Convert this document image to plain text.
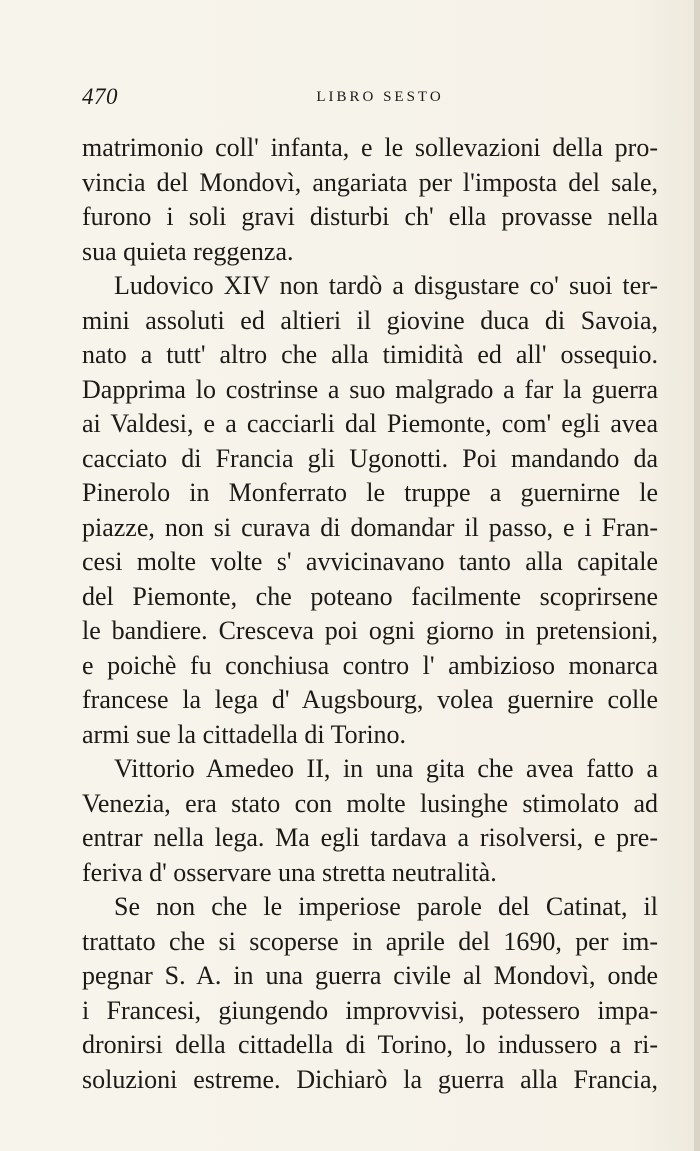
470	LIBRO SESTO
matrimonio coll' infanta, e le sollevazioni della pro-
vincia del Mondovì, angariata per l'imposta del sale,
furono i soli gravi disturbi ch' ella provasse nella
sua quieta reggenza.
Ludovico XIV non tardò a disgustare co' suoi ter-
mini assoluti ed altieri il giovine duca di Savoia,
nato a tutt' altro che alla timidità ed all' ossequio.
Dapprima lo costrinse a suo malgrado a far la guerra
ai Valdesi, e a cacciarli dal Piemonte, com' egli avea
cacciato di Francia gli Ugonotti. Poi mandando da
Pinerolo in Monferrato le truppe a guernirne le
piazze, non si curava di domandar il passo, e i Fran-
cesi molte volte s' avvicinavano tanto alla capitale
del Piemonte, che poteano facilmente scoprirsene
le bandiere. Cresceva poi ogni giorno in pretensioni,
e poichè fu conchiusa contro l' ambizioso monarca
francese la lega d' Augsbourg, volea guernire colle
armi sue la cittadella di Torino.
Vittorio Amedeo II, in una gita che avea fatto a
Venezia, era stato con molte lusinghe stimolato ad
entrar nella lega. Ma egli tardava a risolversi, e pre-
feriva d' osservare una stretta neutralità.
Se non che le imperiose parole del Catinat, il
trattato che si scoperse in aprile del 1690, per im-
pegnar S. A. in una guerra civile al Mondovì, onde
i Francesi, giungendo improvvisi, potessero impa-
dronirsi della cittadella di Torino, lo indussero a ri-
soluzioni estreme. Dichiarò la guerra alla Francia,
